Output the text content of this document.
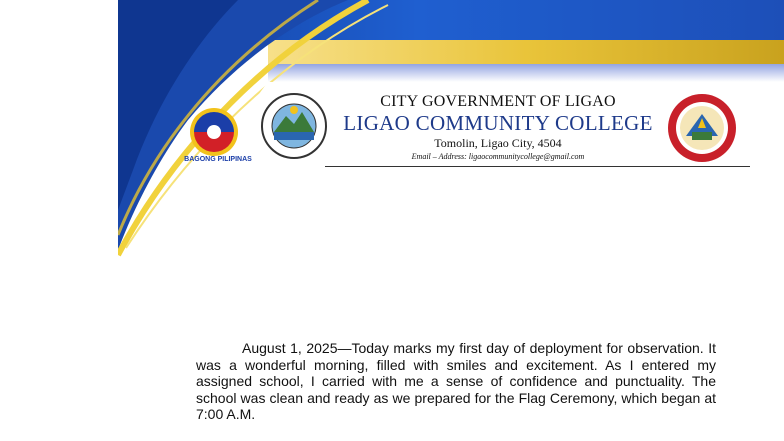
BAGONG PILIPINAS
CITY GOVERNMENT OF LIGAO
LIGAO COMMUNITY COLLEGE
Tomolin, Ligao City, 4504
Email – Address: ligaocommunitycollege@gmail.com

August 1, 2025—Today marks my first day of deployment for observation. It was a wonderful morning, filled with smiles and excitement. As I entered my assigned school, I carried with me a sense of confidence and punctuality. The school was clean and ready as we prepared for the Flag Ceremony, which began at 7:00 A.M.
